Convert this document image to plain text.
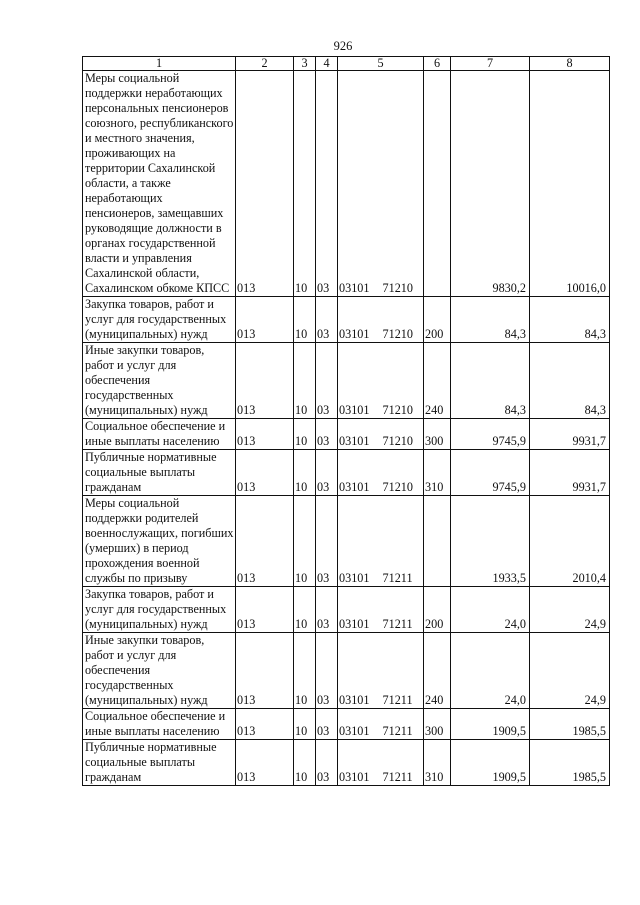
926
1	2	3	4	5	6	7	8
Меры социальной поддержки неработающих персональных пенсионеров союзного, республиканского и местного значения, проживающих на территории Сахалинской области, а также неработающих пенсионеров, замещавших руководящие должности в органах государственной власти и управления Сахалинской области, Сахалинском обкоме КПСС	013	10	03	03101 71210		9830,2	10016,0
Закупка товаров, работ и услуг для государственных (муниципальных) нужд	013	10	03	03101 71210	200	84,3	84,3
Иные закупки товаров, работ и услуг для обеспечения государственных (муниципальных) нужд	013	10	03	03101 71210	240	84,3	84,3
Социальное обеспечение и иные выплаты населению	013	10	03	03101 71210	300	9745,9	9931,7
Публичные нормативные социальные выплаты гражданам	013	10	03	03101 71210	310	9745,9	9931,7
Меры социальной поддержки родителей военнослужащих, погибших (умерших) в период прохождения военной службы по призыву	013	10	03	03101 71211		1933,5	2010,4
Закупка товаров, работ и услуг для государственных (муниципальных) нужд	013	10	03	03101 71211	200	24,0	24,9
Иные закупки товаров, работ и услуг для обеспечения государственных (муниципальных) нужд	013	10	03	03101 71211	240	24,0	24,9
Социальное обеспечение и иные выплаты населению	013	10	03	03101 71211	300	1909,5	1985,5
Публичные нормативные социальные выплаты гражданам	013	10	03	03101 71211	310	1909,5	1985,5
